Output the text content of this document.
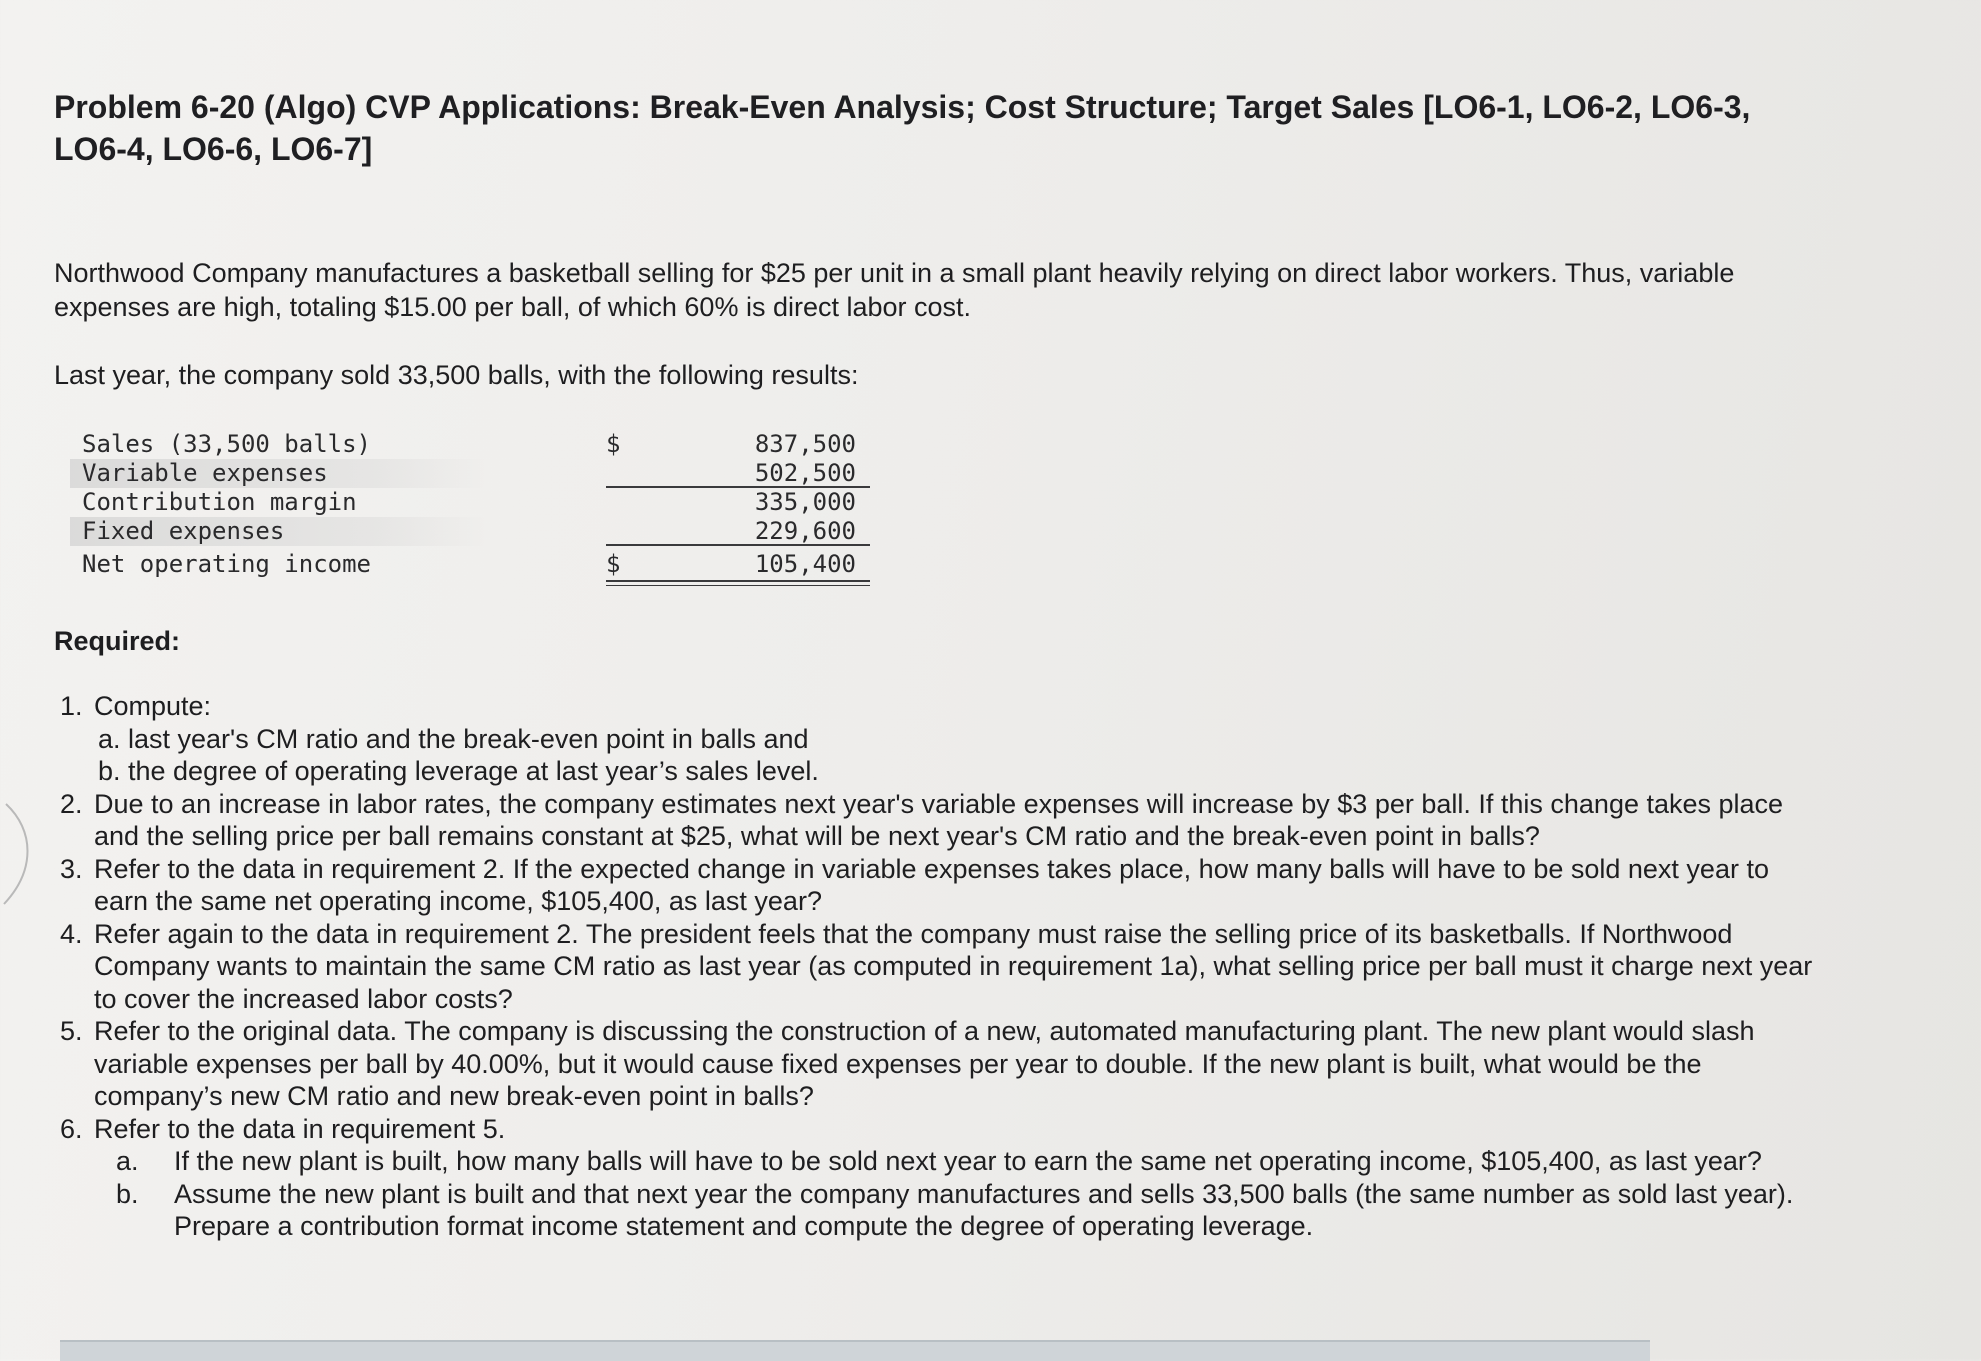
Problem 6-20 (Algo) CVP Applications: Break-Even Analysis; Cost Structure; Target Sales [LO6-1, LO6-2, LO6-3, LO6-4, LO6-6, LO6-7]

Northwood Company manufactures a basketball selling for $25 per unit in a small plant heavily relying on direct labor workers. Thus, variable expenses are high, totaling $15.00 per ball, of which 60% is direct labor cost.

Last year, the company sold 33,500 balls, with the following results:

Sales (33,500 balls)	$	837,500
Variable expenses	502,500
Contribution margin	335,000
Fixed expenses	229,600
Net operating income	$	105,400

Required:

1. Compute:
a. last year's CM ratio and the break-even point in balls and
b. the degree of operating leverage at last year’s sales level.
2. Due to an increase in labor rates, the company estimates next year's variable expenses will increase by $3 per ball. If this change takes place and the selling price per ball remains constant at $25, what will be next year's CM ratio and the break-even point in balls?
3. Refer to the data in requirement 2. If the expected change in variable expenses takes place, how many balls will have to be sold next year to earn the same net operating income, $105,400, as last year?
4. Refer again to the data in requirement 2. The president feels that the company must raise the selling price of its basketballs. If Northwood Company wants to maintain the same CM ratio as last year (as computed in requirement 1a), what selling price per ball must it charge next year to cover the increased labor costs?
5. Refer to the original data. The company is discussing the construction of a new, automated manufacturing plant. The new plant would slash variable expenses per ball by 40.00%, but it would cause fixed expenses per year to double. If the new plant is built, what would be the company’s new CM ratio and new break-even point in balls?
6. Refer to the data in requirement 5.
a.	If the new plant is built, how many balls will have to be sold next year to earn the same net operating income, $105,400, as last year?
b.	Assume the new plant is built and that next year the company manufactures and sells 33,500 balls (the same number as sold last year). Prepare a contribution format income statement and compute the degree of operating leverage.
